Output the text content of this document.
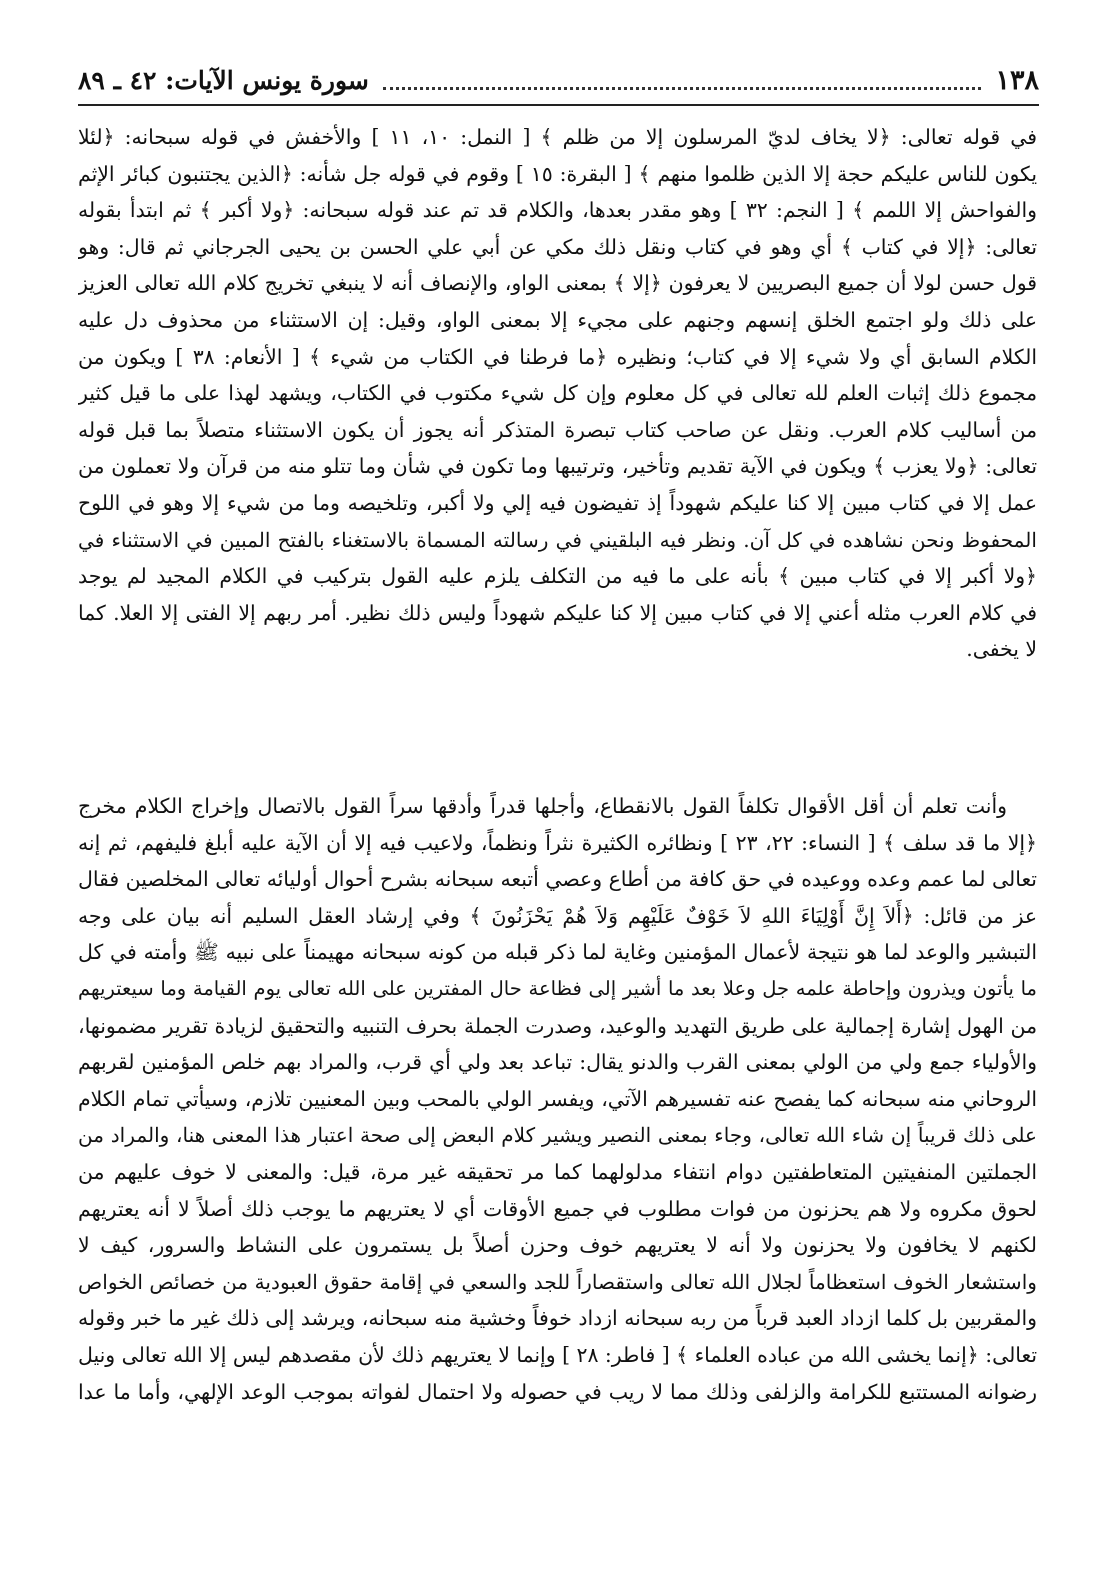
١٣٨
سورة يونس الآيات: ٤٢ ـ ٨٩
في قوله تعالى: ﴿لا يخاف لديّ المرسلون إلا من ظلم ﴾ [ النمل: ١٠، ١١ ] والأخفش في قوله سبحانه: ﴿لئلا
يكون للناس عليكم حجة إلا الذين ظلموا منهم ﴾ [ البقرة: ١٥ ] وقوم في قوله جل شأنه: ﴿الذين يجتنبون كبائر الإثم
والفواحش إلا اللمم ﴾ [ النجم: ٣٢ ] وهو مقدر بعدها، والكلام قد تم عند قوله سبحانه: ﴿ولا أكبر ﴾ ثم ابتدأ بقوله
تعالى: ﴿إلا في كتاب ﴾ أي وهو في كتاب ونقل ذلك مكي عن أبي علي الحسن بن يحيى الجرجاني ثم قال: وهو
قول حسن لولا أن جميع البصريين لا يعرفون ﴿إلا ﴾ بمعنى الواو، والإنصاف أنه لا ينبغي تخريج كلام الله تعالى العزيز
على ذلك ولو اجتمع الخلق إنسهم وجنهم على مجيء إلا بمعنى الواو، وقيل: إن الاستثناء من محذوف دل عليه
الكلام السابق أي ولا شيء إلا في كتاب؛ ونظيره ﴿ما فرطنا في الكتاب من شيء ﴾ [ الأنعام: ٣٨ ] ويكون من
مجموع ذلك إثبات العلم لله تعالى في كل معلوم وإن كل شيء مكتوب في الكتاب، ويشهد لهذا على ما قيل كثير
من أساليب كلام العرب. ونقل عن صاحب كتاب تبصرة المتذكر أنه يجوز أن يكون الاستثناء متصلاً بما قبل قوله
تعالى: ﴿ولا يعزب ﴾ ويكون في الآية تقديم وتأخير، وترتيبها وما تكون في شأن وما تتلو منه من قرآن ولا تعملون من
عمل إلا في كتاب مبين إلا كنا عليكم شهوداً إذ تفيضون فيه إلي ولا أكبر، وتلخيصه وما من شيء إلا وهو في اللوح
المحفوظ ونحن نشاهده في كل آن. ونظر فيه البلقيني في رسالته المسماة بالاستغناء بالفتح المبين في الاستثناء في
﴿ولا أكبر إلا في كتاب مبين ﴾ بأنه على ما فيه من التكلف يلزم عليه القول بتركيب في الكلام المجيد لم يوجد
في كلام العرب مثله أعني إلا في كتاب مبين إلا كنا عليكم شهوداً وليس ذلك نظير. أمر ربهم إلا الفتى إلا العلا. كما
لا يخفى.
وأنت تعلم أن أقل الأقوال تكلفاً القول بالانقطاع، وأجلها قدراً وأدقها سراً القول بالاتصال وإخراج الكلام مخرج
﴿إلا ما قد سلف ﴾ [ النساء: ٢٢، ٢٣ ] ونظائره الكثيرة نثراً ونظماً، ولاعيب فيه إلا أن الآية عليه أبلغ فليفهم، ثم إنه
تعالى لما عمم وعده ووعيده في حق كافة من أطاع وعصي أتبعه سبحانه بشرح أحوال أوليائه تعالى المخلصين فقال
عز من قائل: ﴿أَلاَ إِنَّ أَوْلِيَاءَ اللهِ لاَ خَوْفٌ عَلَيْهِم وَلاَ هُمْ يَحْزَنُونَ ﴾ وفي إرشاد العقل السليم أنه بيان على وجه
التبشير والوعد لما هو نتيجة لأعمال المؤمنين وغاية لما ذكر قبله من كونه سبحانه مهيمناً على نبيه ﷺ وأمته في كل
ما يأتون ويذرون وإحاطة علمه جل وعلا بعد ما أشير إلى فظاعة حال المفترين على الله تعالى يوم القيامة وما سيعتريهم
من الهول إشارة إجمالية على طريق التهديد والوعيد، وصدرت الجملة بحرف التنبيه والتحقيق لزيادة تقرير مضمونها،
والأولياء جمع ولي من الولي بمعنى القرب والدنو يقال: تباعد بعد ولي أي قرب، والمراد بهم خلص المؤمنين لقربهم
الروحاني منه سبحانه كما يفصح عنه تفسيرهم الآتي، ويفسر الولي بالمحب وبين المعنيين تلازم، وسيأتي تمام الكلام
على ذلك قريباً إن شاء الله تعالى، وجاء بمعنى النصير ويشير كلام البعض إلى صحة اعتبار هذا المعنى هنا، والمراد من
الجملتين المنفيتين المتعاطفتين دوام انتفاء مدلولهما كما مر تحقيقه غير مرة، قيل: والمعنى لا خوف عليهم من
لحوق مكروه ولا هم يحزنون من فوات مطلوب في جميع الأوقات أي لا يعتريهم ما يوجب ذلك أصلاً لا أنه يعتريهم
لكنهم لا يخافون ولا يحزنون ولا أنه لا يعتريهم خوف وحزن أصلاً بل يستمرون على النشاط والسرور، كيف لا
واستشعار الخوف استعظاماً لجلال الله تعالى واستقصاراً للجد والسعي في إقامة حقوق العبودية من خصائص الخواص
والمقربين بل كلما ازداد العبد قرباً من ربه سبحانه ازداد خوفاً وخشية منه سبحانه، ويرشد إلى ذلك غير ما خبر وقوله
تعالى: ﴿إنما يخشى الله من عباده العلماء ﴾ [ فاطر: ٢٨ ] وإنما لا يعتريهم ذلك لأن مقصدهم ليس إلا الله تعالى ونيل
رضوانه المستتبع للكرامة والزلفى وذلك مما لا ريب في حصوله ولا احتمال لفواته بموجب الوعد الإلهي، وأما ما عدا
